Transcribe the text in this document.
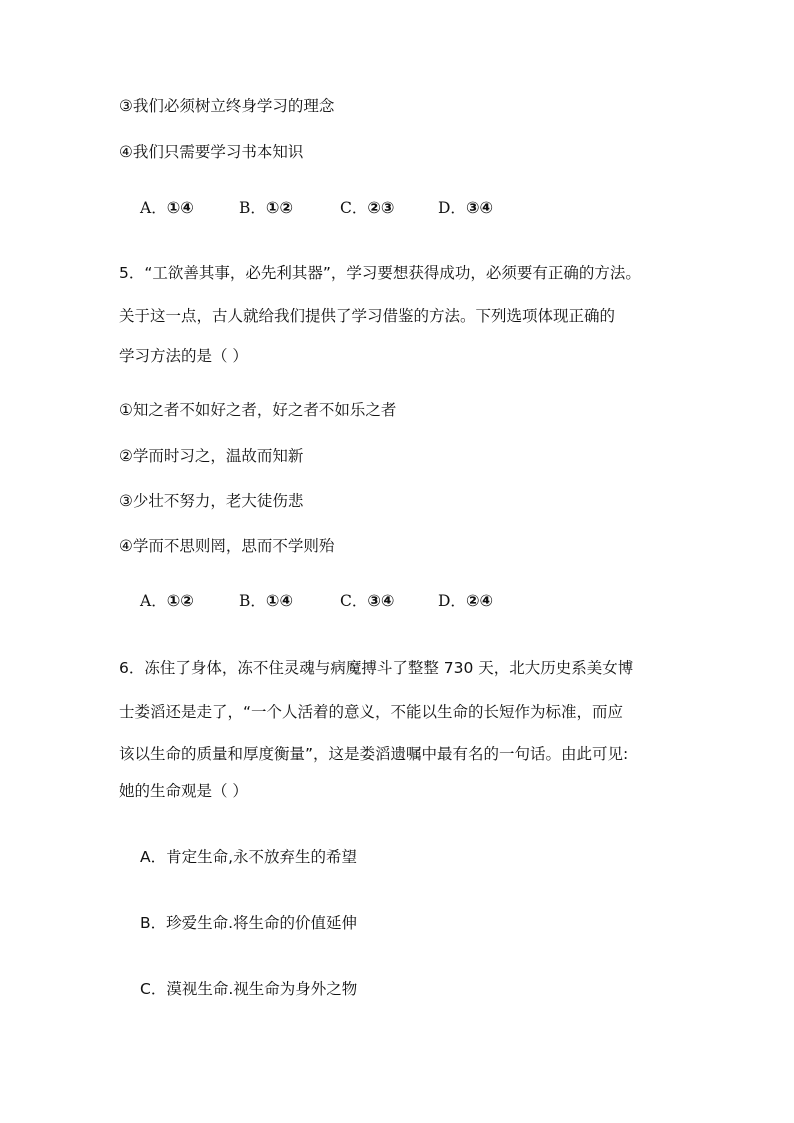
③我们必须树立终身学习的理念
④我们只需要学习书本知识
A．①④	B．①②	C．②③	D．③④
5．“工欲善其事，必先利其器”，学习要想获得成功，必须要有正确的方法。
关于这一点，古人就给我们提供了学习借鉴的方法。下列选项体现正确的
学习方法的是（ ）
①知之者不如好之者，好之者不如乐之者
②学而时习之，温故而知新
③少壮不努力，老大徒伤悲
④学而不思则罔，思而不学则殆
A．①②	B．①④	C．③④	D．②④
6．冻住了身体，冻不住灵魂与病魔搏斗了整整 730 天，北大历史系美女博
士娄滔还是走了，“一个人活着的意义，不能以生命的长短作为标准，而应
该以生命的质量和厚度衡量”，这是娄滔遗嘱中最有名的一句话。由此可见:
她的生命观是（ ）
A．肯定生命,永不放弃生的希望
B．珍爱生命.将生命的价值延伸
C．漠视生命.视生命为身外之物
